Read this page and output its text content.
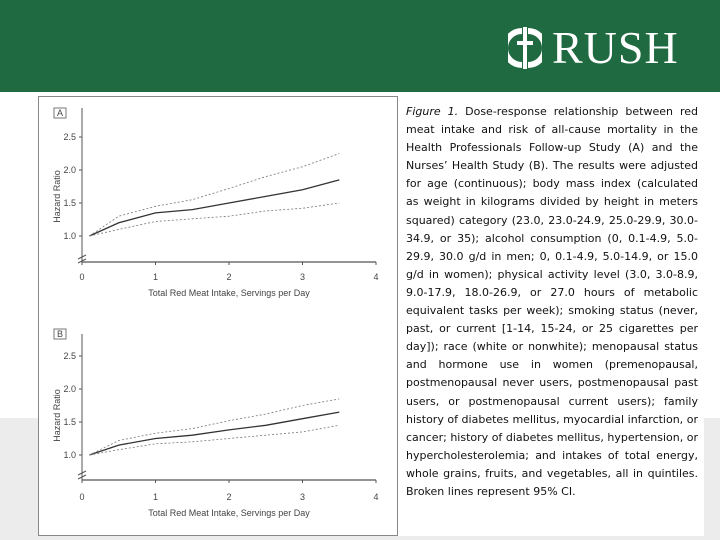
RUSH
A
1.0
1.5
2.0
2.5
0	1	2	3	4
Total Red Meat Intake, Servings per Day
Hazard Ratio
B
1.0
1.5
2.0
2.5
0	1	2	3	4
Total Red Meat Intake, Servings per Day
Hazard Ratio

Figure 1. Dose-response relationship between red meat intake and risk of all-cause mortality in the Health Professionals Follow-up Study (A) and the Nurses’ Health Study (B). The results were adjusted for age (continuous); body mass index (calculated as weight in kilograms divided by height in meters squared) category (23.0, 23.0-24.9, 25.0-29.9, 30.0-34.9, or 35); alcohol consumption (0, 0.1-4.9, 5.0-29.9, 30.0 g/d in men; 0, 0.1-4.9, 5.0-14.9, or 15.0 g/d in women); physical activity level (3.0, 3.0-8.9, 9.0-17.9, 18.0-26.9, or 27.0 hours of metabolic equivalent tasks per week); smoking status (never, past, or current [1-14, 15-24, or 25 cigarettes per day]); race (white or nonwhite); menopausal status and hormone use in women (premenopausal, postmenopausal never users, postmenopausal past users, or postmenopausal current users); family history of diabetes mellitus, myocardial infarction, or cancer; history of diabetes mellitus, hypertension, or hypercholesterolemia; and intakes of total energy, whole grains, fruits, and vegetables, all in quintiles. Broken lines represent 95% CI.
